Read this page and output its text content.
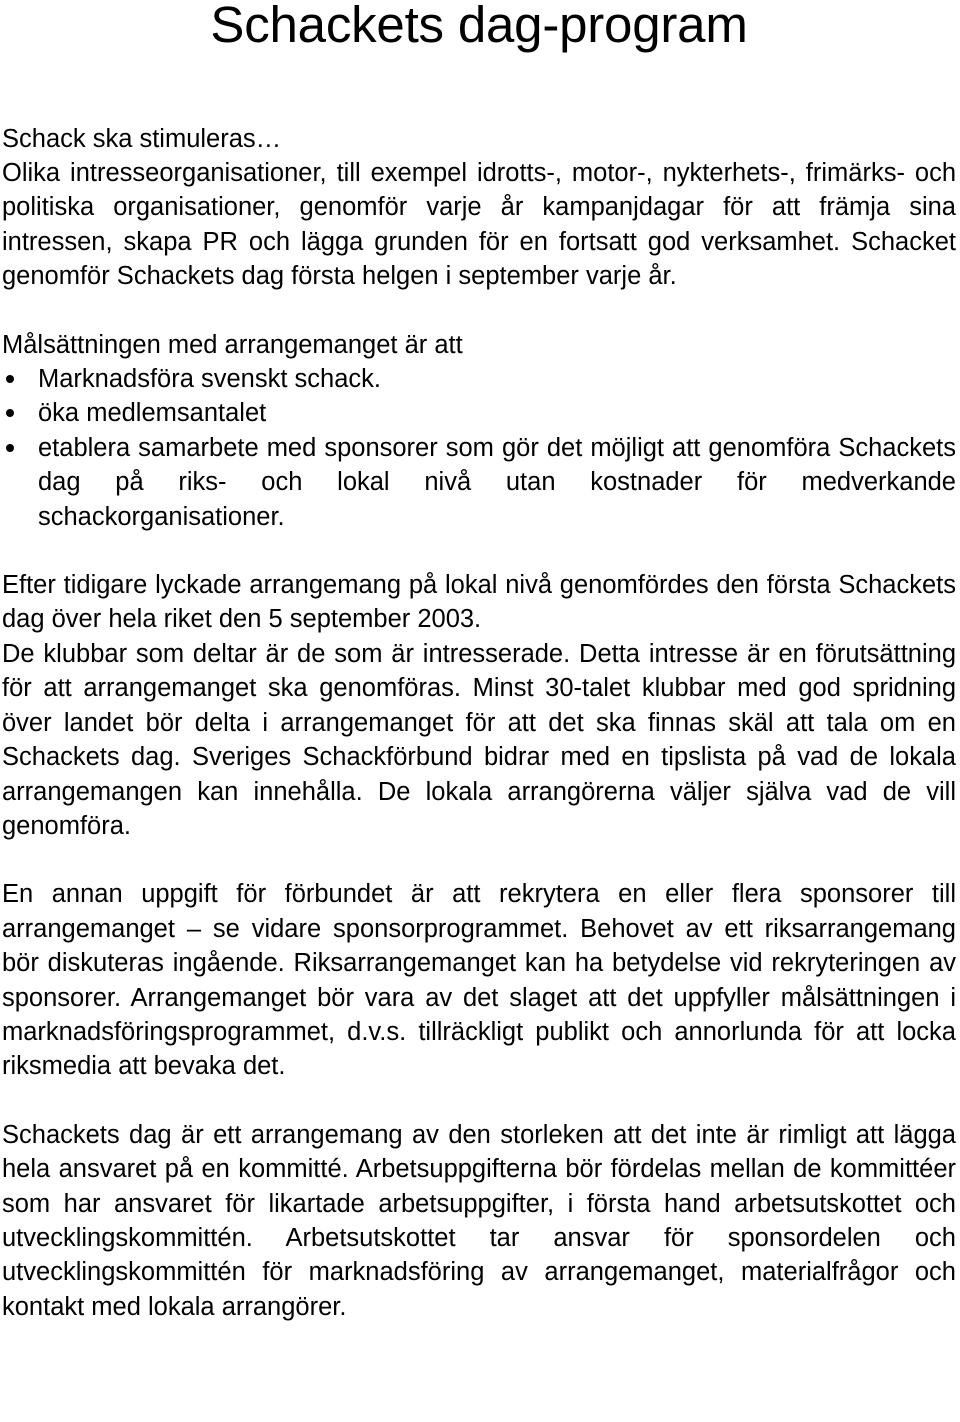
Schackets dag-program

Schack ska stimuleras…

Olika intresseorganisationer, till exempel idrotts-, motor-, nykterhets-, frimärks- och politiska organisationer, genomför varje år kampanjdagar för att främja sina intressen, skapa PR och lägga grunden för en fortsatt god verksamhet. Schacket genomför Schackets dag första helgen i september varje år.

Målsättningen med arrangemanget är att

Marknadsföra svenskt schack.
öka medlemsantalet
etablera samarbete med sponsorer som gör det möjligt att genomföra Schackets dag på riks- och lokal nivå utan kostnader för medverkande schackorganisationer.

Efter tidigare lyckade arrangemang på lokal nivå genomfördes den första Schackets dag över hela riket den 5 september 2003.

De klubbar som deltar är de som är intresserade. Detta intresse är en förutsättning för att arrangemanget ska genomföras. Minst 30-talet klubbar med god spridning över landet bör delta i arrangemanget för att det ska finnas skäl att tala om en Schackets dag. Sveriges Schackförbund bidrar med en tipslista på vad de lokala arrangemangen kan innehålla. De lokala arrangörerna väljer själva vad de vill genomföra.

En annan uppgift för förbundet är att rekrytera en eller flera sponsorer till arrangemanget – se vidare sponsorprogrammet. Behovet av ett riksarrangemang bör diskuteras ingående. Riksarrangemanget kan ha betydelse vid rekryteringen av sponsorer. Arrangemanget bör vara av det slaget att det uppfyller målsättningen i marknadsföringsprogrammet, d.v.s. tillräckligt publikt och annorlunda för att locka riksmedia att bevaka det.

Schackets dag är ett arrangemang av den storleken att det inte är rimligt att lägga hela ansvaret på en kommitté. Arbetsuppgifterna bör fördelas mellan de kommittéer som har ansvaret för likartade arbetsuppgifter, i första hand arbetsutskottet och utvecklingskommittén. Arbetsutskottet tar ansvar för sponsordelen och utvecklingskommittén för marknadsföring av arrangemanget, materialfrågor och kontakt med lokala arrangörer.
